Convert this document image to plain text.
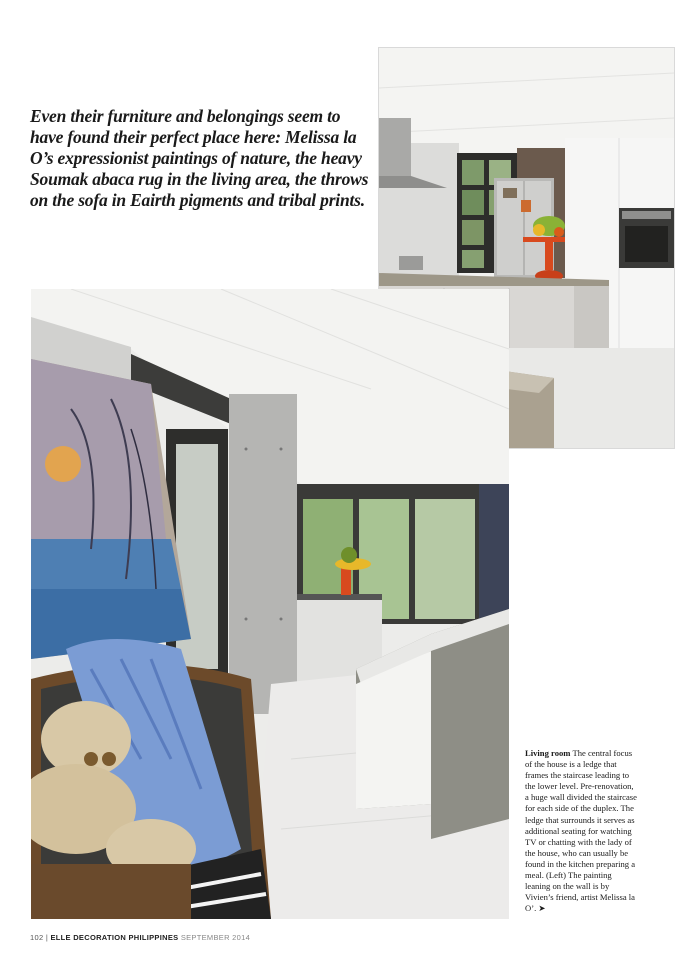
Even their furniture and belongings seem to have found their perfect place here: Melissa la O’s expressionist paintings of nature, the heavy Soumak abaca rug in the living area, the throws on the sofa in Eairth pigments and tribal prints.

Living room The central focus of the house is a ledge that frames the staircase leading to the lower level. Pre-renovation, a huge wall divided the staircase for each side of the duplex. The ledge that surrounds it serves as additional seating for watching TV or chatting with the lady of the house, who can usually be found in the kitchen preparing a meal. (Left) The painting leaning on the wall is by Vivien’s friend, artist Melissa la O’. ➤

102 | ELLE DECORATION PHILIPPINES SEPTEMBER 2014
